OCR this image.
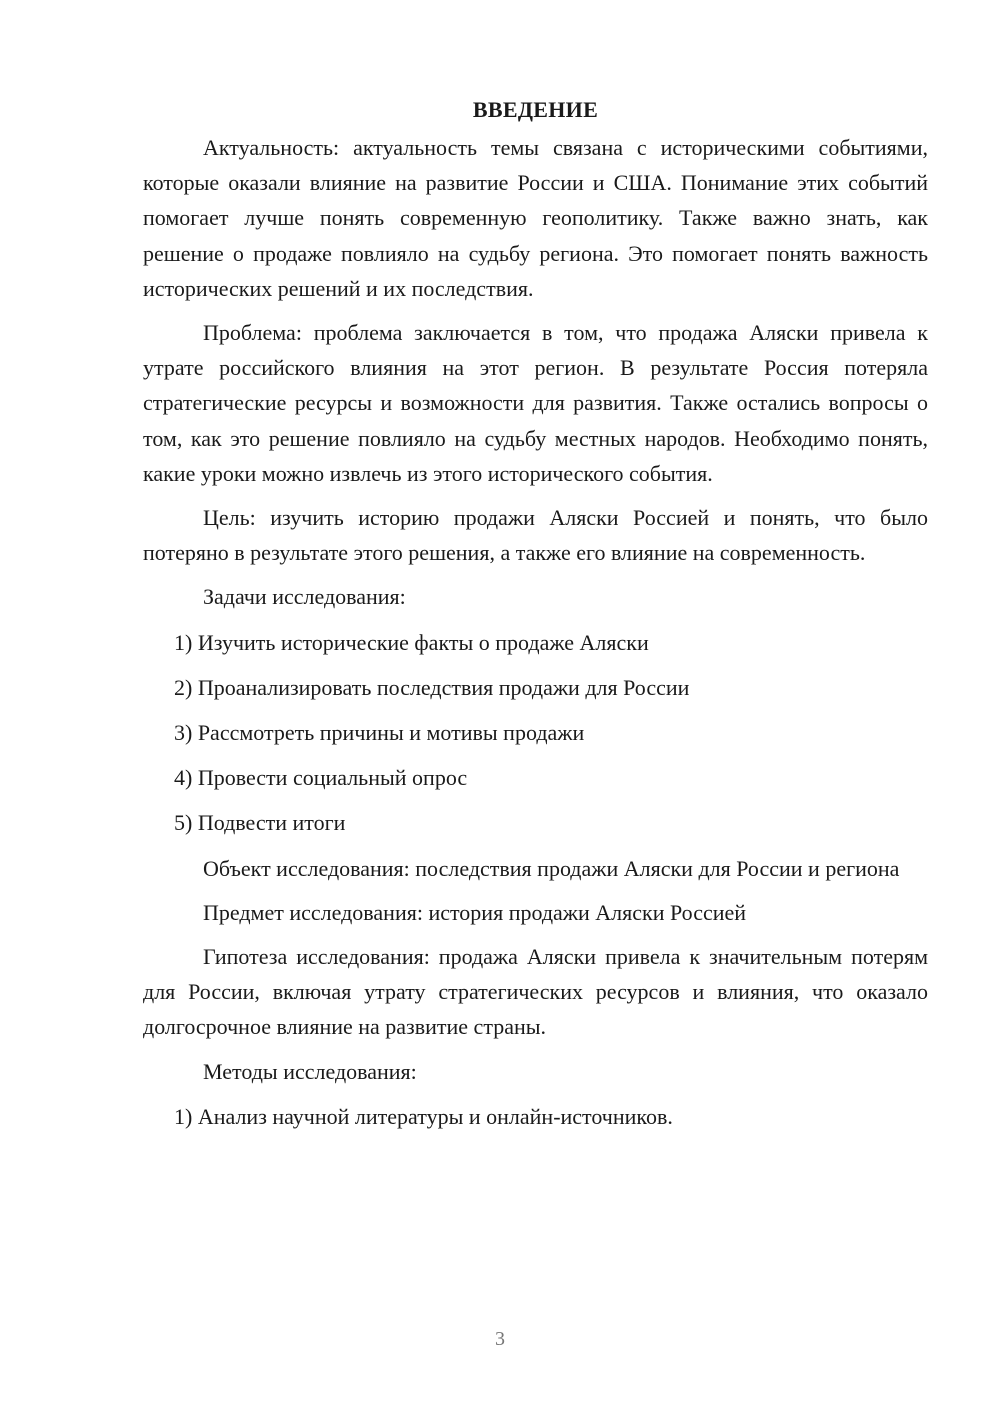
ВВЕДЕНИЕ

Актуальность: актуальность темы связана с историческими событиями, которые оказали влияние на развитие России и США. Понимание этих событий помогает лучше понять современную геополитику. Также важно знать, как решение о продаже повлияло на судьбу региона. Это помогает понять важность исторических решений и их последствия.

Проблема: проблема заключается в том, что продажа Аляски привела к утрате российского влияния на этот регион. В результате Россия потеряла стратегические ресурсы и возможности для развития. Также остались вопросы о том, как это решение повлияло на судьбу местных народов. Необходимо понять, какие уроки можно извлечь из этого исторического события.

Цель: изучить историю продажи Аляски Россией и понять, что было потеряно в результате этого решения, а также его влияние на современность.

Задачи исследования:

1) Изучить исторические факты о продаже Аляски
2) Проанализировать последствия продажи для России
3) Рассмотреть причины и мотивы продажи
4) Провести социальный опрос
5) Подвести итоги

Объект исследования: последствия продажи Аляски для России и региона

Предмет исследования: история продажи Аляски Россией

Гипотеза исследования: продажа Аляски привела к значительным потерям для России, включая утрату стратегических ресурсов и влияния, что оказало долгосрочное влияние на развитие страны.

Методы исследования:

1) Анализ научной литературы и онлайн-источников.
3
